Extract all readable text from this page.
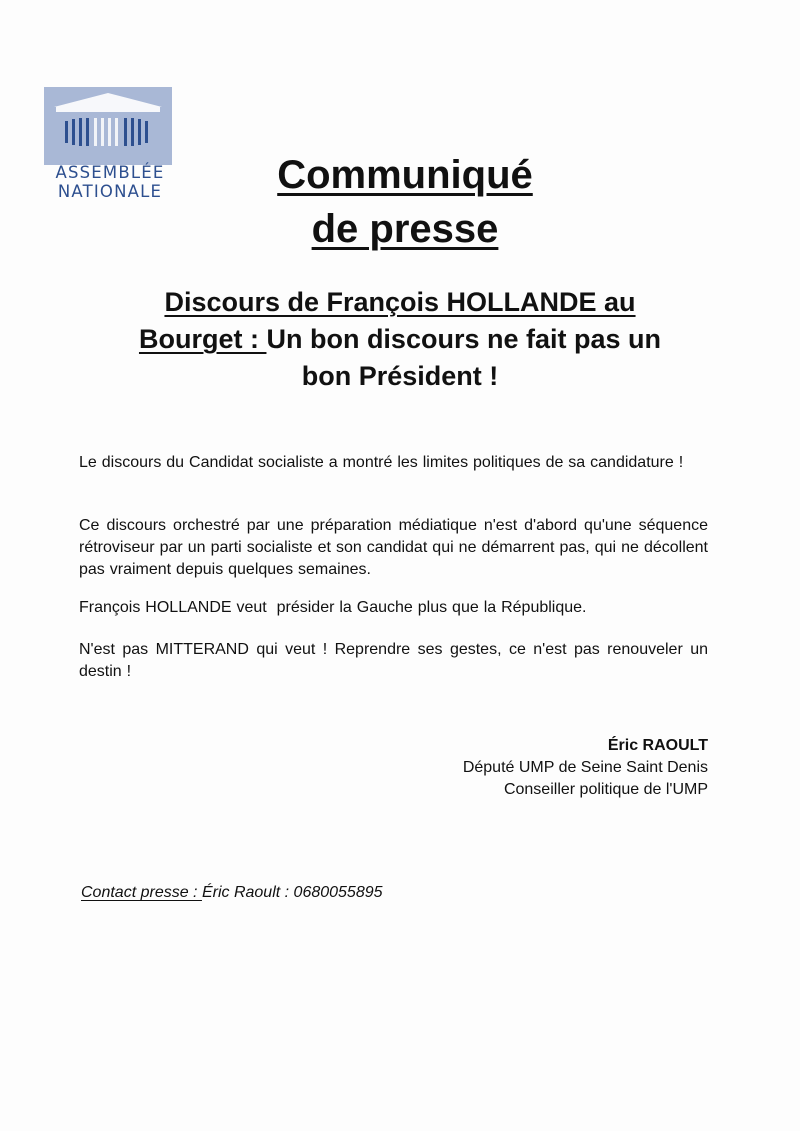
ASSEMBLÉE
NATIONALE	Communiqué
de presse
Discours de François HOLLANDE au
Bourget : Un bon discours ne fait pas un
bon Président !
Le discours du Candidat socialiste a montré les limites politiques de sa candidature !
Ce discours orchestré par une préparation médiatique n'est d'abord qu'une séquence rétroviseur par un parti socialiste et son candidat qui ne démarrent pas, qui ne décollent pas vraiment depuis quelques semaines.
François HOLLANDE veut  présider la Gauche plus que la République.
N'est pas MITTERAND qui veut ! Reprendre ses gestes, ce n'est pas renouveler un destin !
Éric RAOULT
Député UMP de Seine Saint Denis
Conseiller politique de l'UMP
Contact presse : Éric Raoult : 0680055895
